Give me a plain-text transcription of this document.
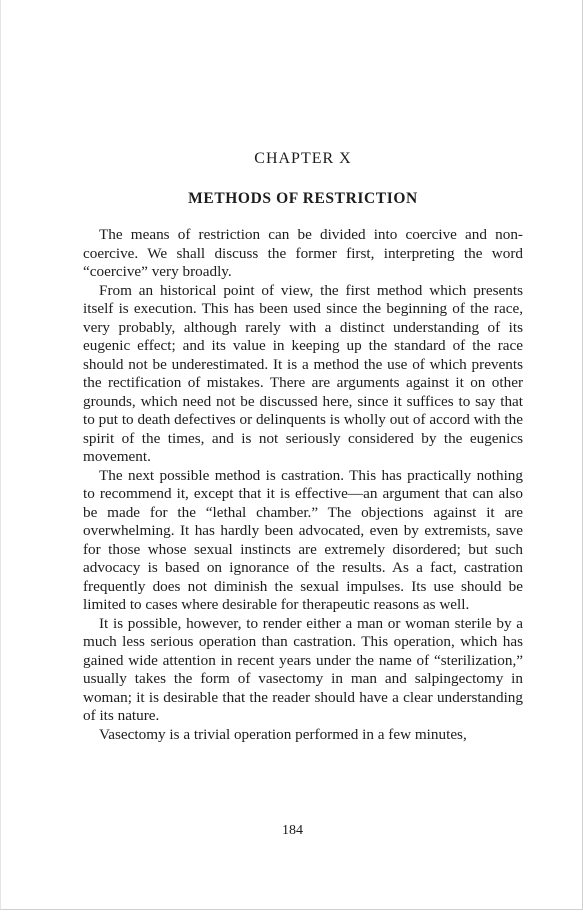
CHAPTER X
METHODS OF RESTRICTION

The means of restriction can be divided into coercive and non-coercive. We shall discuss the former first, interpreting the word “coercive” very broadly.

From an historical point of view, the first method which presents itself is execution. This has been used since the beginning of the race, very probably, although rarely with a distinct understanding of its eugenic effect; and its value in keeping up the standard of the race should not be underestimated. It is a method the use of which prevents the rectification of mistakes. There are arguments against it on other grounds, which need not be discussed here, since it suffices to say that to put to death defectives or delinquents is wholly out of accord with the spirit of the times, and is not seriously considered by the eugenics movement.

The next possible method is castration. This has practically nothing to recommend it, except that it is effective—an argument that can also be made for the “lethal chamber.” The objections against it are overwhelming. It has hardly been advocated, even by extremists, save for those whose sexual instincts are extremely disordered; but such advocacy is based on ignorance of the results. As a fact, castration frequently does not diminish the sexual impulses. Its use should be limited to cases where desirable for therapeutic reasons as well.

It is possible, however, to render either a man or woman sterile by a much less serious operation than castration. This operation, which has gained wide attention in recent years under the name of “sterilization,” usually takes the form of vasectomy in man and salpingectomy in woman; it is desirable that the reader should have a clear understanding of its nature.

Vasectomy is a trivial operation performed in a few minutes,

184
